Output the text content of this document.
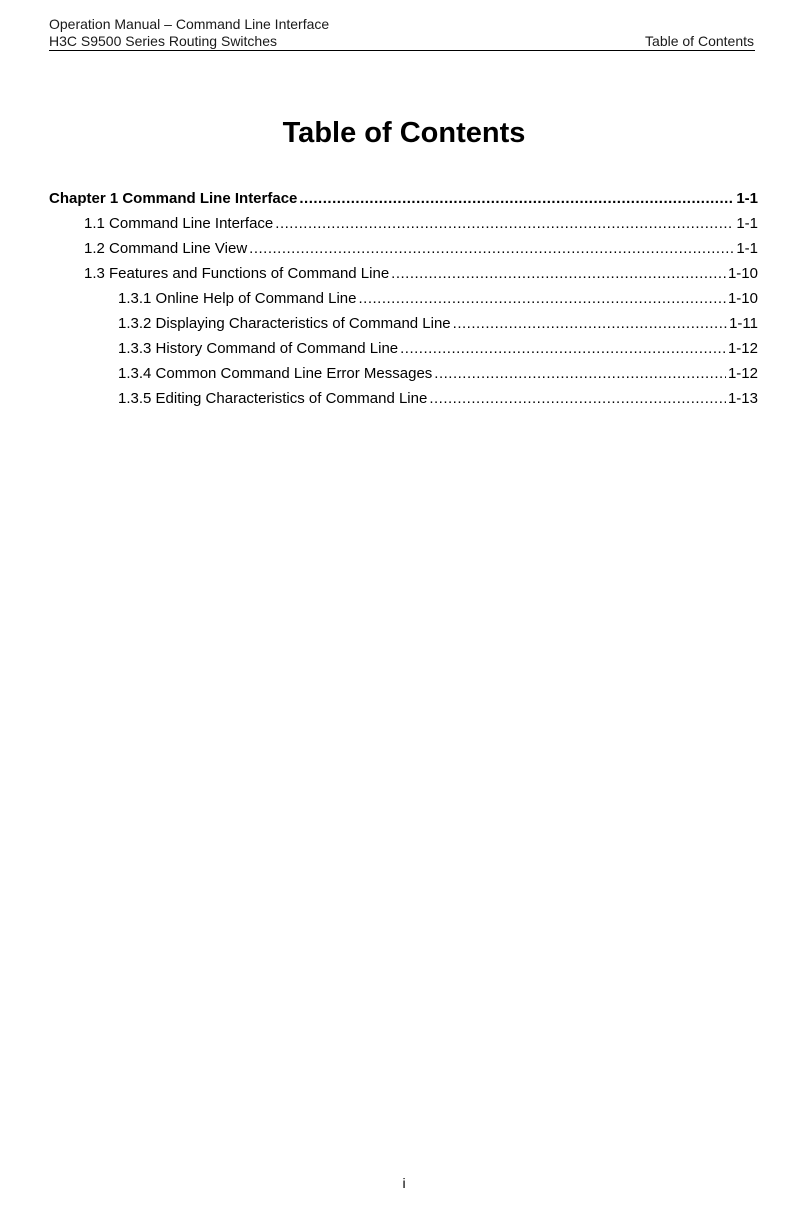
Operation Manual – Command Line Interface
H3C S9500 Series Routing Switches	Table of Contents
Table of Contents
Chapter 1 Command Line Interface .....	1-1
1.1 Command Line Interface .....	1-1
1.2 Command Line View .....	1-1
1.3 Features and Functions of Command Line .....	1-10
1.3.1 Online Help of Command Line .....	1-10
1.3.2 Displaying Characteristics of Command Line .....	1-11
1.3.3 History Command of Command Line .....	1-12
1.3.4 Common Command Line Error Messages .....	1-12
1.3.5 Editing Characteristics of Command Line .....	1-13
i
